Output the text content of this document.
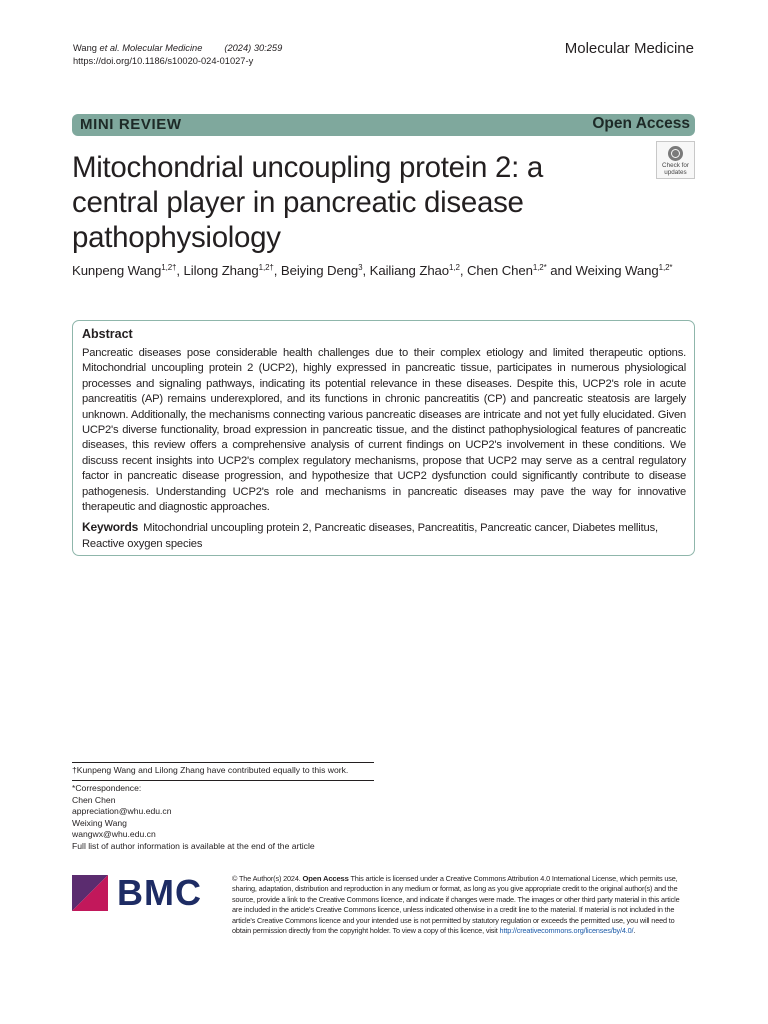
Wang et al. Molecular Medicine (2024) 30:259
https://doi.org/10.1186/s10020-024-01027-y
Molecular Medicine
MINI REVIEW	Open Access
Check for
updates
Mitochondrial uncoupling protein 2: a central player in pancreatic disease pathophysiology
Kunpeng Wang$^{1,2\dagger}$, Lilong Zhang$^{1,2\dagger}$, Beiying Deng$^3$, Kailiang Zhao$^{1,2}$, Chen Chen$^{1,2*}$ and Weixing Wang$^{1,2*}$
Abstract

Pancreatic diseases pose considerable health challenges due to their complex etiology and limited therapeutic options. Mitochondrial uncoupling protein 2 (UCP2), highly expressed in pancreatic tissue, participates in numerous physiological processes and signaling pathways, indicating its potential relevance in these diseases. Despite this, UCP2's role in acute pancreatitis (AP) remains underexplored, and its functions in chronic pancreatitis (CP) and pancreatic steatosis are largely unknown. Additionally, the mechanisms connecting various pancreatic diseases are intricate and not yet fully elucidated. Given UCP2's diverse functionality, broad expression in pancreatic tissue, and the distinct pathophysiological features of pancreatic diseases, this review offers a comprehensive analysis of current findings on UCP2's involvement in these conditions. We discuss recent insights into UCP2's complex regulatory mechanisms, propose that UCP2 may serve as a central regulatory factor in pancreatic disease progression, and hypothesize that UCP2 dysfunction could significantly contribute to disease pathogenesis. Understanding UCP2's role and mechanisms in pancreatic diseases may pave the way for innovative therapeutic and diagnostic approaches.

Keywords Mitochondrial uncoupling protein 2, Pancreatic diseases, Pancreatitis, Pancreatic cancer, Diabetes mellitus, Reactive oxygen species
†Kunpeng Wang and Lilong Zhang have contributed equally to this work.
*Correspondence:
Chen Chen
appreciation@whu.edu.cn
Weixing Wang
wangwx@whu.edu.cn
Full list of author information is available at the end of the article
BMC	© The Author(s) 2024. Open Access This article is licensed under a Creative Commons Attribution 4.0 International License, which permits use, sharing, adaptation, distribution and reproduction in any medium or format, as long as you give appropriate credit to the original author(s) and the source, provide a link to the Creative Commons licence, and indicate if changes were made. The images or other third party material in this article are included in the article's Creative Commons licence, unless indicated otherwise in a credit line to the material. If material is not included in the article's Creative Commons licence and your intended use is not permitted by statutory regulation or exceeds the permitted use, you will need to obtain permission directly from the copyright holder. To view a copy of this licence, visit http://creativecommons.org/licenses/by/4.0/.
